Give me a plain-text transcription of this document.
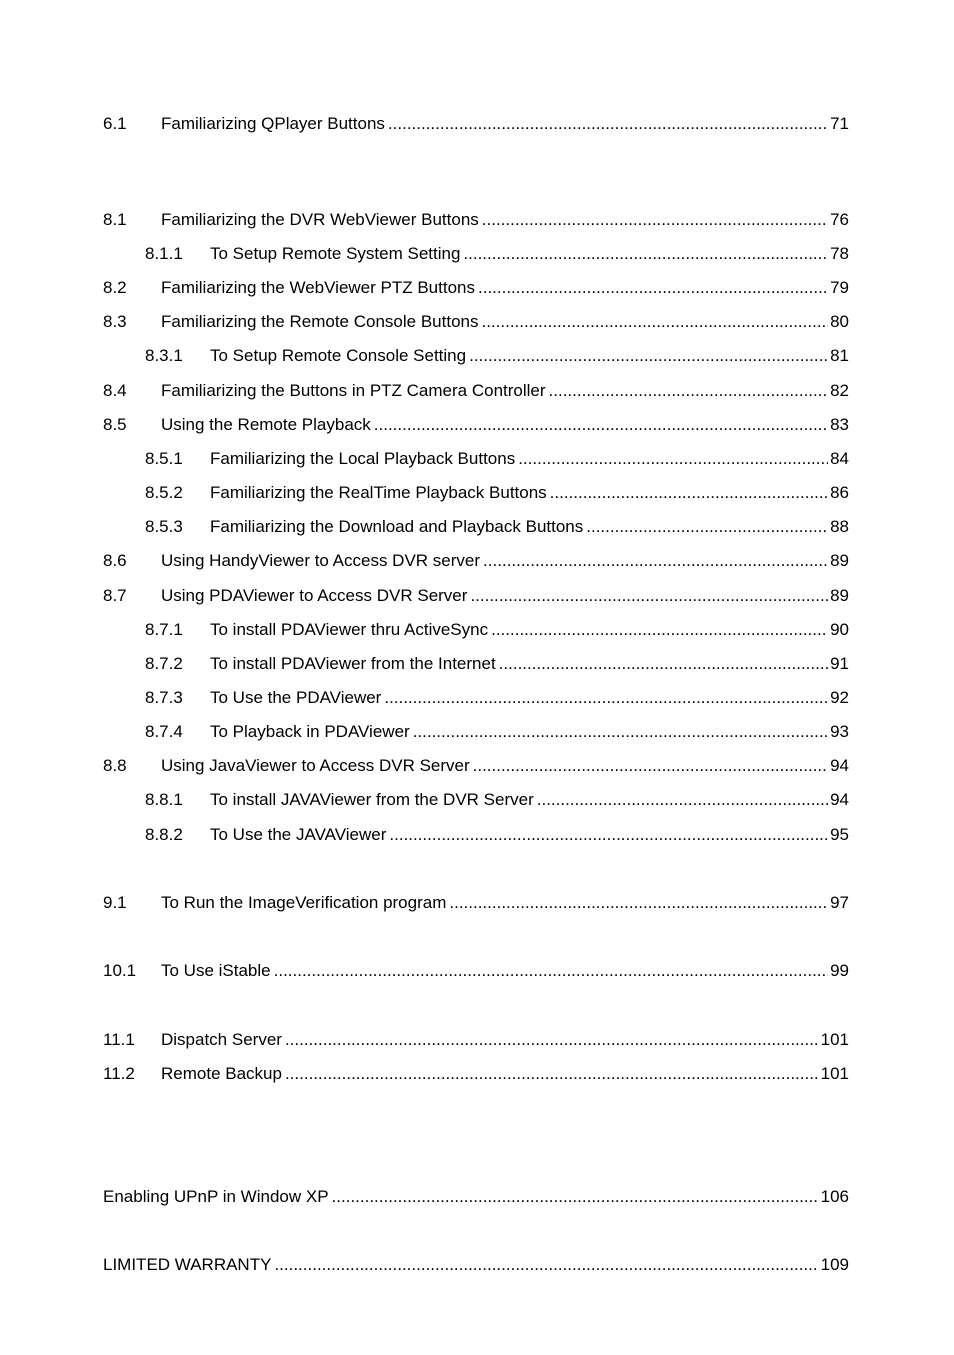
6.1	Familiarizing QPlayer Buttons .....	71
8.1	Familiarizing the DVR WebViewer Buttons .....	76
8.1.1	To Setup Remote System Setting .....	78
8.2	Familiarizing the WebViewer PTZ Buttons .....	79
8.3	Familiarizing the Remote Console Buttons .....	80
8.3.1	To Setup Remote Console Setting .....	81
8.4	Familiarizing the Buttons in PTZ Camera Controller .....	82
8.5	Using the Remote Playback .....	83
8.5.1	Familiarizing the Local Playback Buttons .....	84
8.5.2	Familiarizing the RealTime Playback Buttons .....	86
8.5.3	Familiarizing the Download and Playback Buttons .....	88
8.6	Using HandyViewer to Access DVR server .....	89
8.7	Using PDAViewer to Access DVR Server .....	89
8.7.1	To install PDAViewer thru ActiveSync .....	90
8.7.2	To install PDAViewer from the Internet .....	91
8.7.3	To Use the PDAViewer .....	92
8.7.4	To Playback in PDAViewer .....	93
8.8	Using JavaViewer to Access DVR Server .....	94
8.8.1	To install JAVAViewer from the DVR Server .....	94
8.8.2	To Use the JAVAViewer .....	95
9.1	To Run the ImageVerification program .....	97
10.1	To Use iStable .....	99
11.1	Dispatch Server .....	101
11.2	Remote Backup .....	101
Enabling UPnP in Window XP .....	106
LIMITED WARRANTY .....	109
